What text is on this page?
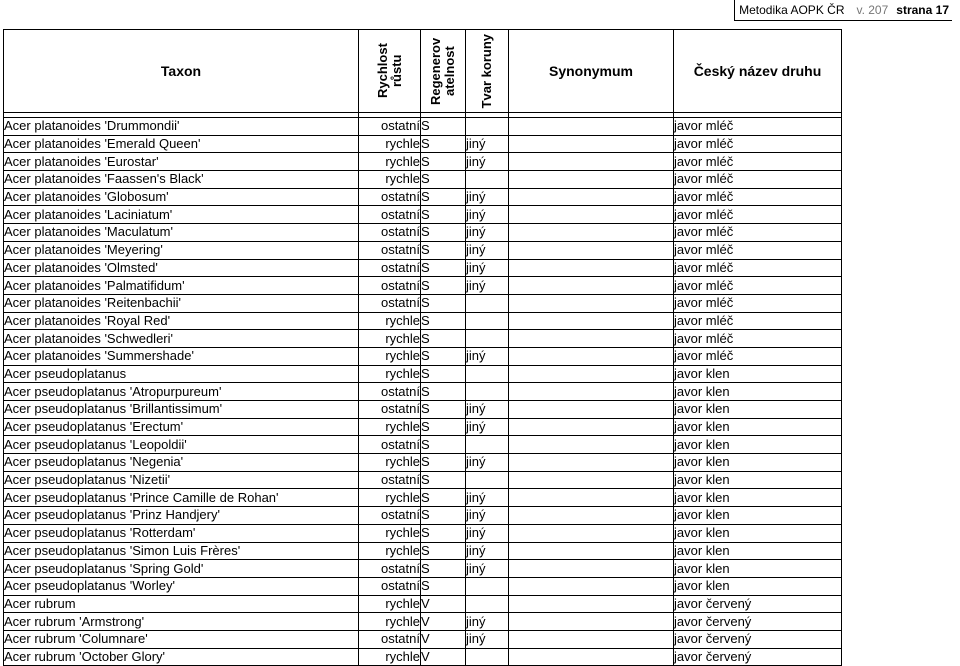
Metodika AOPK ČR v. 207 strana 17
Taxon	Rychlost růstu	Regenerov atelnost	Tvar koruny	Synonymum	Český název druhu

Acer platanoides 'Drummondii'	ostatní	S			javor mléč
Acer platanoides 'Emerald Queen'	rychle	S	jiný		javor mléč
Acer platanoides 'Eurostar'	rychle	S	jiný		javor mléč
Acer platanoides 'Faassen's Black'	rychle	S			javor mléč
Acer platanoides 'Globosum'	ostatní	S	jiný		javor mléč
Acer platanoides 'Laciniatum'	ostatní	S	jiný		javor mléč
Acer platanoides 'Maculatum'	ostatní	S	jiný		javor mléč
Acer platanoides 'Meyering'	ostatní	S	jiný		javor mléč
Acer platanoides 'Olmsted'	ostatní	S	jiný		javor mléč
Acer platanoides 'Palmatifidum'	ostatní	S	jiný		javor mléč
Acer platanoides 'Reitenbachii'	ostatní	S			javor mléč
Acer platanoides 'Royal Red'	rychle	S			javor mléč
Acer platanoides 'Schwedleri'	rychle	S			javor mléč
Acer platanoides 'Summershade'	rychle	S	jiný		javor mléč
Acer pseudoplatanus	rychle	S			javor klen
Acer pseudoplatanus 'Atropurpureum'	ostatní	S			javor klen
Acer pseudoplatanus 'Brillantissimum'	ostatní	S	jiný		javor klen
Acer pseudoplatanus 'Erectum'	rychle	S	jiný		javor klen
Acer pseudoplatanus 'Leopoldii'	ostatní	S			javor klen
Acer pseudoplatanus 'Negenia'	rychle	S	jiný		javor klen
Acer pseudoplatanus 'Nizetii'	ostatní	S			javor klen
Acer pseudoplatanus 'Prince Camille de Rohan'	rychle	S	jiný		javor klen
Acer pseudoplatanus 'Prinz Handjery'	ostatní	S	jiný		javor klen
Acer pseudoplatanus 'Rotterdam'	rychle	S	jiný		javor klen
Acer pseudoplatanus 'Simon Luis Frères'	rychle	S	jiný		javor klen
Acer pseudoplatanus 'Spring Gold'	ostatní	S	jiný		javor klen
Acer pseudoplatanus 'Worley'	ostatní	S			javor klen
Acer rubrum	rychle	V			javor červený
Acer rubrum 'Armstrong'	rychle	V	jiný		javor červený
Acer rubrum 'Columnare'	ostatní	V	jiný		javor červený
Acer rubrum 'October Glory'	rychle	V			javor červený
